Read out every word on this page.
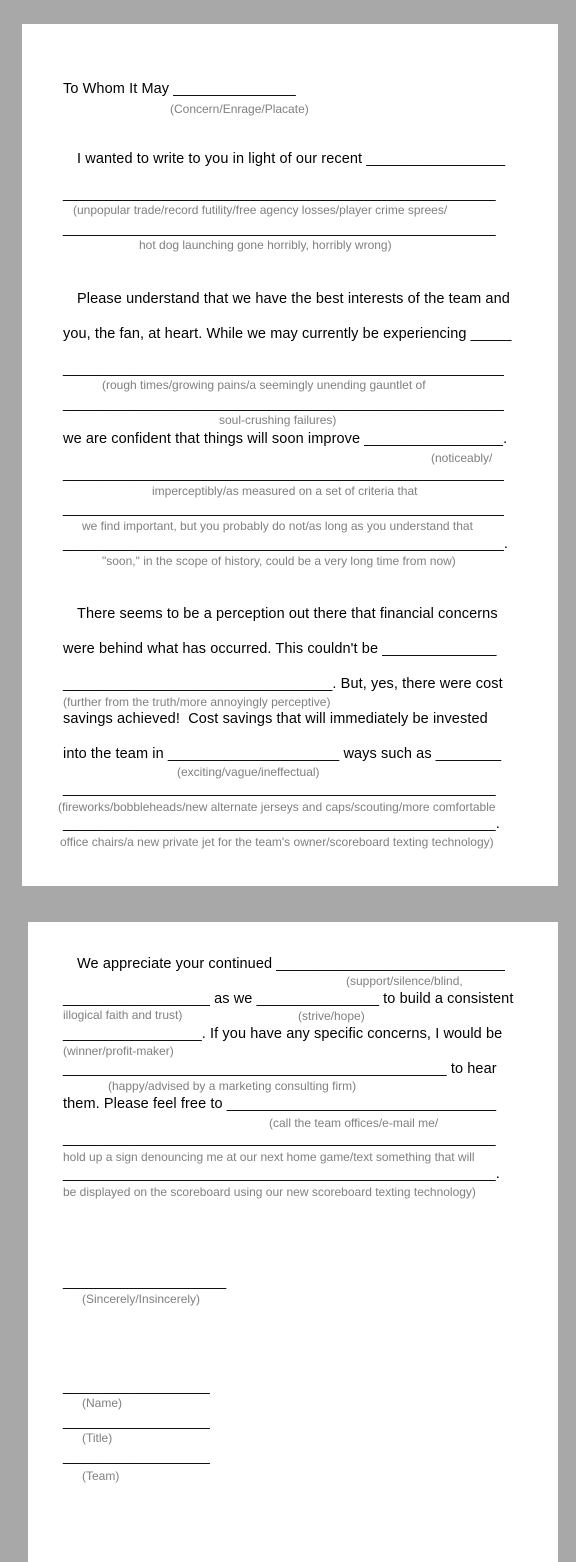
To Whom It May _______________
(Concern/Enrage/Placate)
I wanted to write to you in light of our recent _________________
_____________________________________________________
(unpopular trade/record futility/free agency losses/player crime sprees/
_____________________________________________________
hot dog launching gone horribly, horribly wrong)
Please understand that we have the best interests of the team and
you, the fan, at heart. While we may currently be experiencing _____
______________________________________________________
(rough times/growing pains/a seemingly unending gauntlet of
______________________________________________________
soul-crushing failures)
we are confident that things will soon improve _________________.
(noticeably/
______________________________________________________
imperceptibly/as measured on a set of criteria that
______________________________________________________
we find important, but you probably do not/as long as you understand that
______________________________________________________.
"soon," in the scope of history, could be a very long time from now)
There seems to be a perception out there that financial concerns
were behind what has occurred. This couldn't be ______________
_________________________________. But, yes, there were cost
(further from the truth/more annoyingly perceptive)
savings achieved!  Cost savings that will immediately be invested
into the team in _____________________ ways such as ________
(exciting/vague/ineffectual)
_____________________________________________________
(fireworks/bobbleheads/new alternate jerseys and caps/scouting/more comfortable
_____________________________________________________.
office chairs/a new private jet for the team's owner/scoreboard texting technology)
We appreciate your continued ____________________________
(support/silence/blind,
__________________ as we _______________ to build a consistent
illogical faith and trust)	(strive/hope)
_________________. If you have any specific concerns, I would be
(winner/profit-maker)
_______________________________________________ to hear
(happy/advised by a marketing consulting firm)
them. Please feel free to _________________________________
(call the team offices/e-mail me/
_____________________________________________________
hold up a sign denouncing me at our next home game/text something that will
_____________________________________________________.
be displayed on the scoreboard using our new scoreboard texting technology)
____________________
(Sincerely/Insincerely)
__________________
(Name)
__________________
(Title)
__________________
(Team)
